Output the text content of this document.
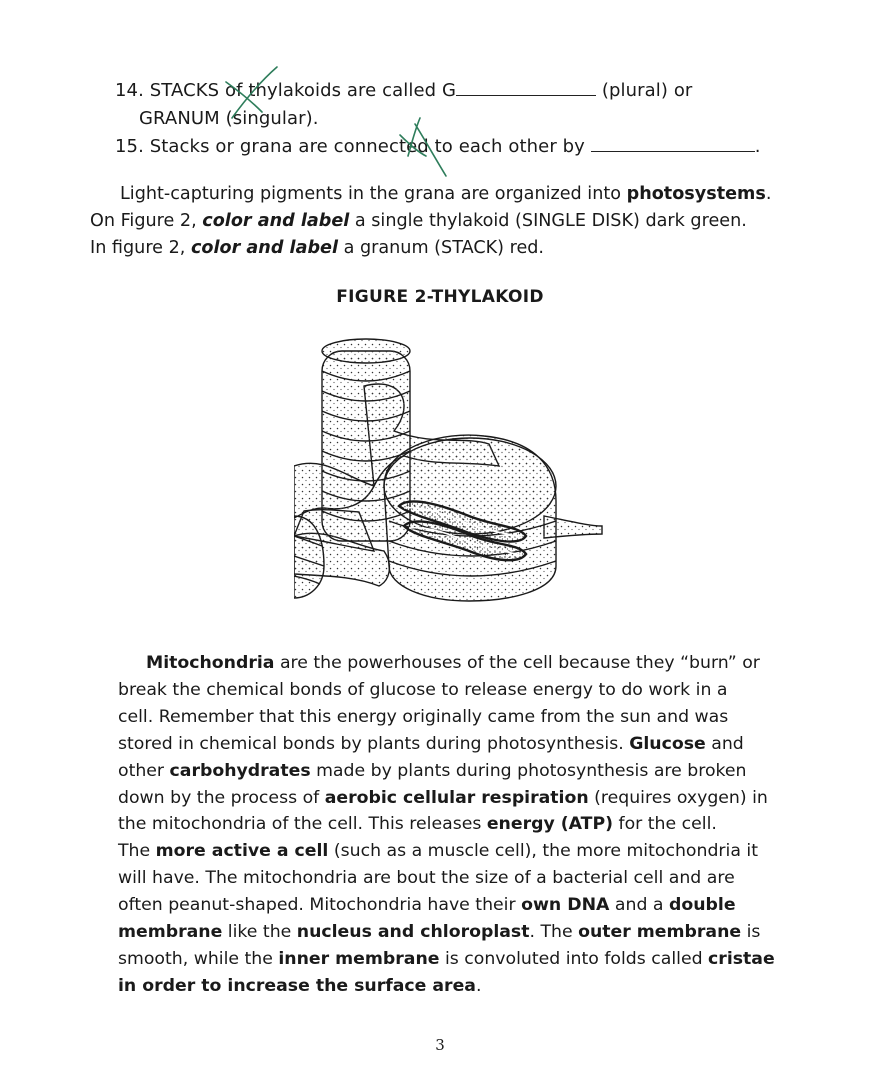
14. STACKS of thylakoids are called G	(plural) or
GRANUM (singular).
15. Stacks or grana are connected to each other by	.
Light-capturing pigments in the grana are organized into photosystems.
On Figure 2, color and label a single thylakoid (SINGLE DISK) dark green.
In figure 2, color and label a granum (STACK) red.
FIGURE 2-THYLAKOID
Mitochondria are the powerhouses of the cell because they “burn” or
break the chemical bonds of glucose to release energy to do work in a
cell. Remember that this energy originally came from the sun and was
stored in chemical bonds by plants during photosynthesis. Glucose and
other carbohydrates made by plants during photosynthesis are broken
down by the process of aerobic cellular respiration (requires oxygen) in
the mitochondria of the cell. This releases energy (ATP) for the cell.
The more active a cell (such as a muscle cell), the more mitochondria it
will have. The mitochondria are bout the size of a bacterial cell and are
often peanut-shaped. Mitochondria have their own DNA and a double
membrane like the nucleus and chloroplast. The outer membrane is
smooth, while the inner membrane is convoluted into folds called cristae
in order to increase the surface area.
3
